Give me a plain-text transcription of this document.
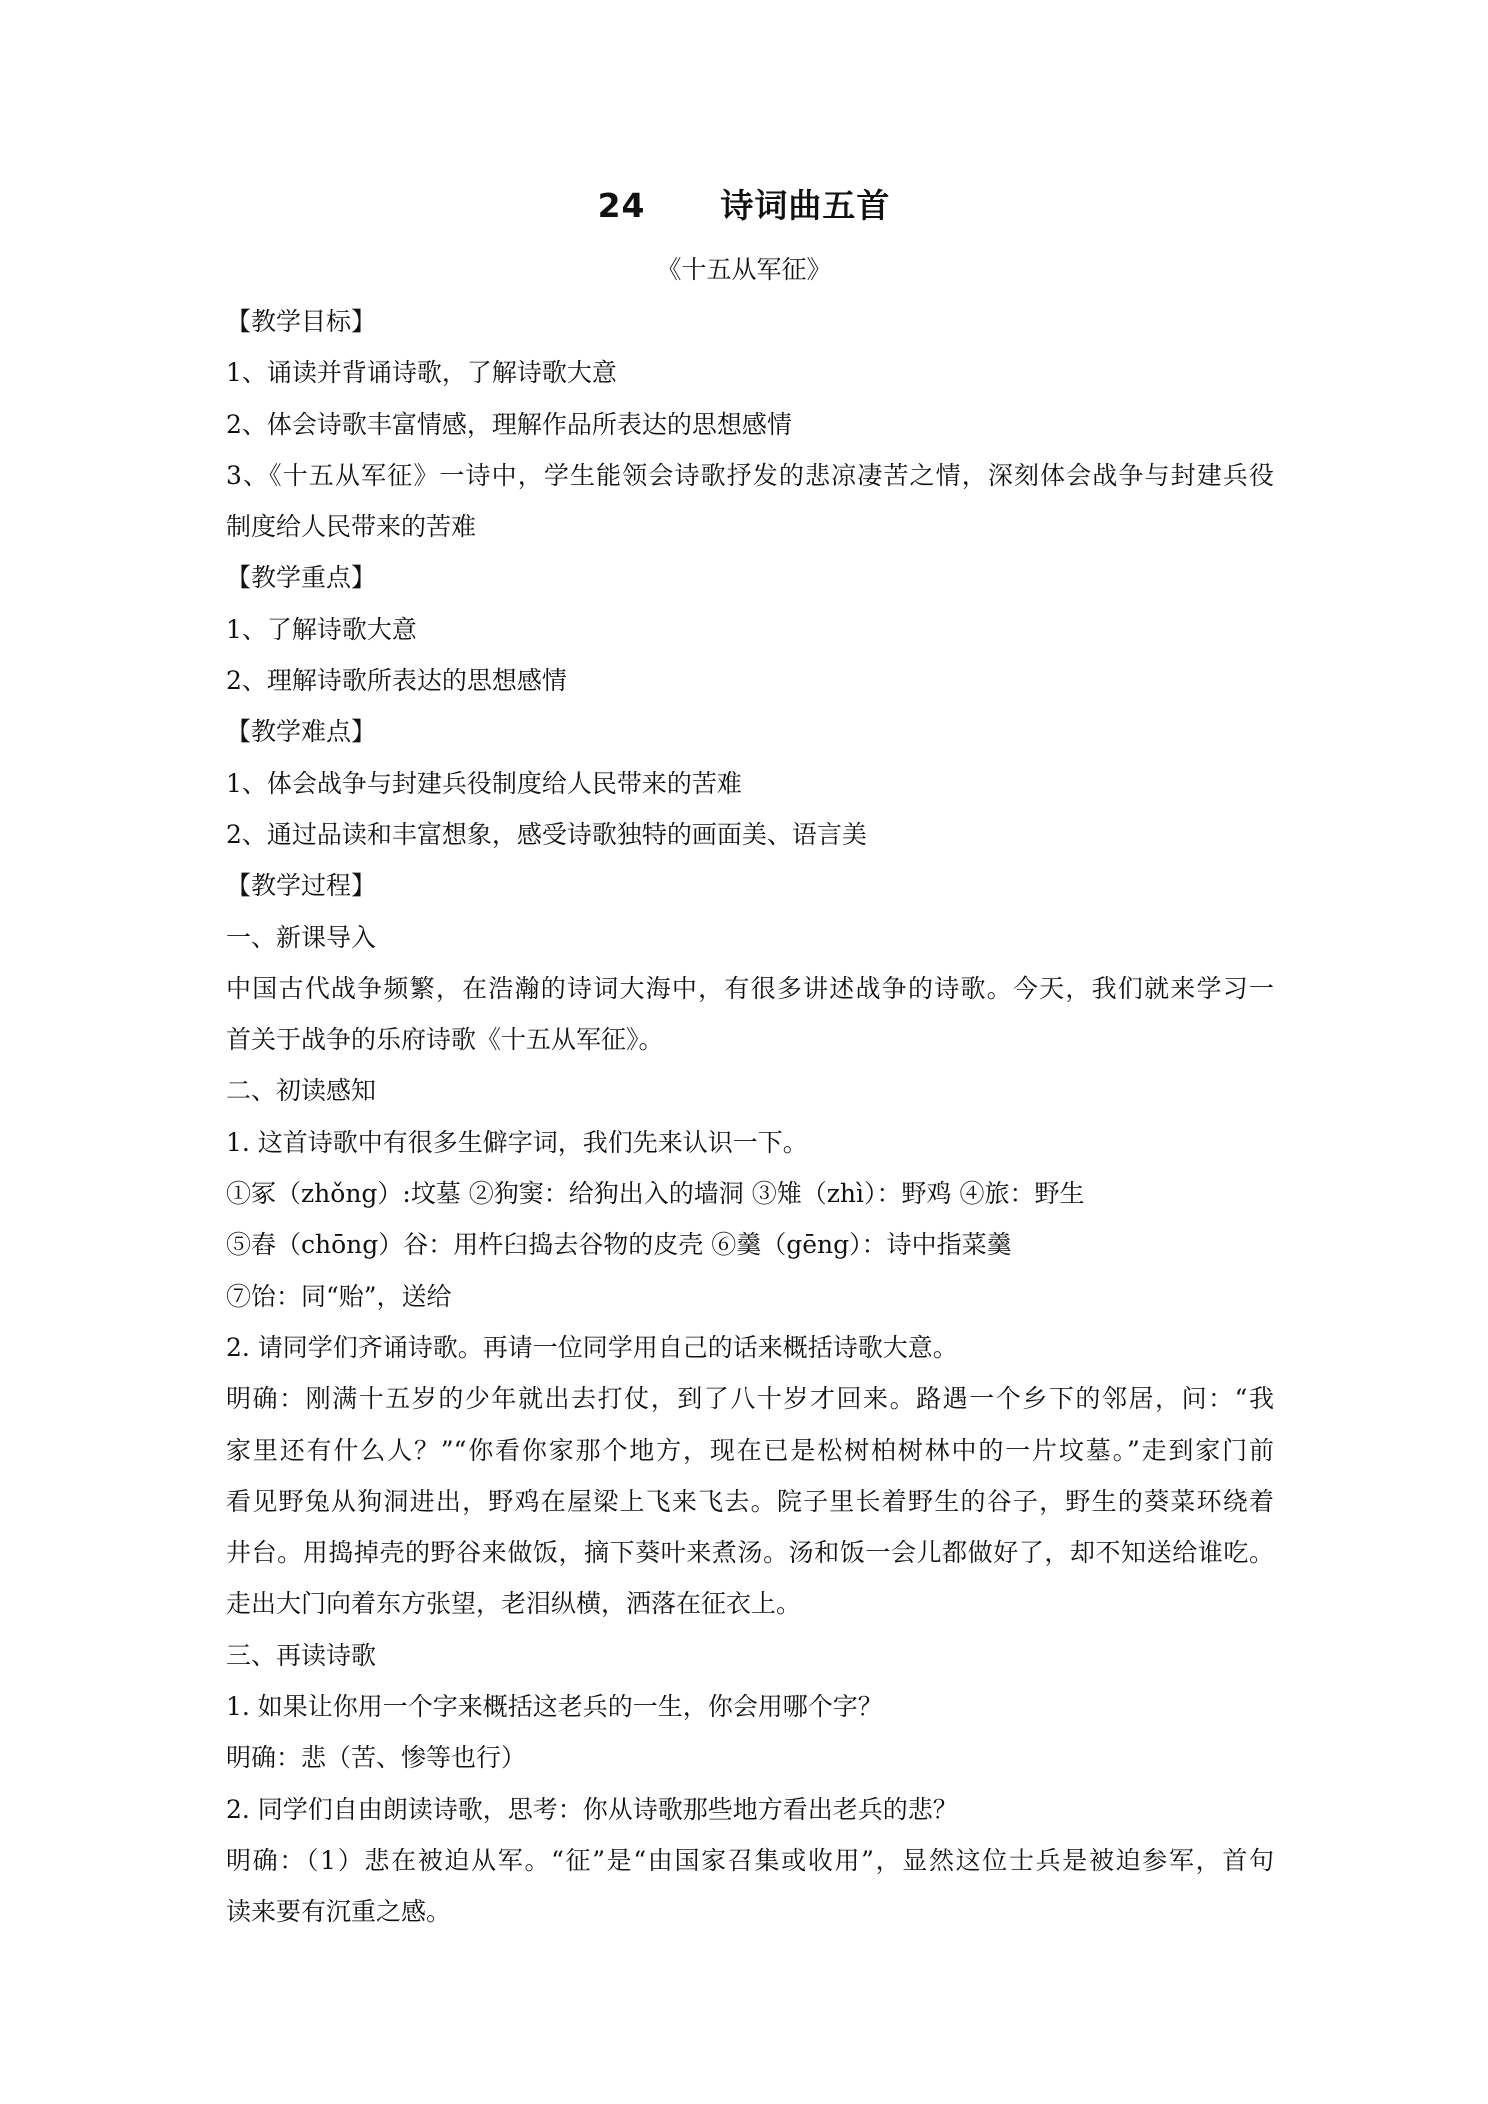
24      诗词曲五首
《十五从军征》
【教学目标】
1、诵读并背诵诗歌，了解诗歌大意
2、体会诗歌丰富情感，理解作品所表达的思想感情
3、《十五从军征》一诗中，学生能领会诗歌抒发的悲凉凄苦之情，深刻体会战争与封建兵役
制度给人民带来的苦难
【教学重点】
1、了解诗歌大意
2、理解诗歌所表达的思想感情
【教学难点】
1、体会战争与封建兵役制度给人民带来的苦难
2、通过品读和丰富想象，感受诗歌独特的画面美、语言美
【教学过程】
一、新课导入
中国古代战争频繁，在浩瀚的诗词大海中，有很多讲述战争的诗歌。今天，我们就来学习一
首关于战争的乐府诗歌《十五从军征》。
二、初读感知
1. 这首诗歌中有很多生僻字词，我们先来认识一下。
①冢（zhǒng）:坟墓 ②狗窦：给狗出入的墙洞 ③雉（zhì）：野鸡 ④旅：野生
⑤舂（chōng）谷：用杵臼捣去谷物的皮壳 ⑥羹（gēng）：诗中指菜羹
⑦饴：同“贻”，送给
2. 请同学们齐诵诗歌。再请一位同学用自己的话来概括诗歌大意。
明确：刚满十五岁的少年就出去打仗，到了八十岁才回来。路遇一个乡下的邻居，问：“我
家里还有什么人？”“你看你家那个地方，现在已是松树柏树林中的一片坟墓。”走到家门前
看见野兔从狗洞进出，野鸡在屋梁上飞来飞去。院子里长着野生的谷子，野生的葵菜环绕着
井台。用捣掉壳的野谷来做饭，摘下葵叶来煮汤。汤和饭一会儿都做好了，却不知送给谁吃。
走出大门向着东方张望，老泪纵横，洒落在征衣上。
三、再读诗歌
1. 如果让你用一个字来概括这老兵的一生，你会用哪个字？
明确：悲（苦、惨等也行）
2. 同学们自由朗读诗歌，思考：你从诗歌那些地方看出老兵的悲？
明确：（1）悲在被迫从军。“征”是“由国家召集或收用”，显然这位士兵是被迫参军，首句
读来要有沉重之感。
